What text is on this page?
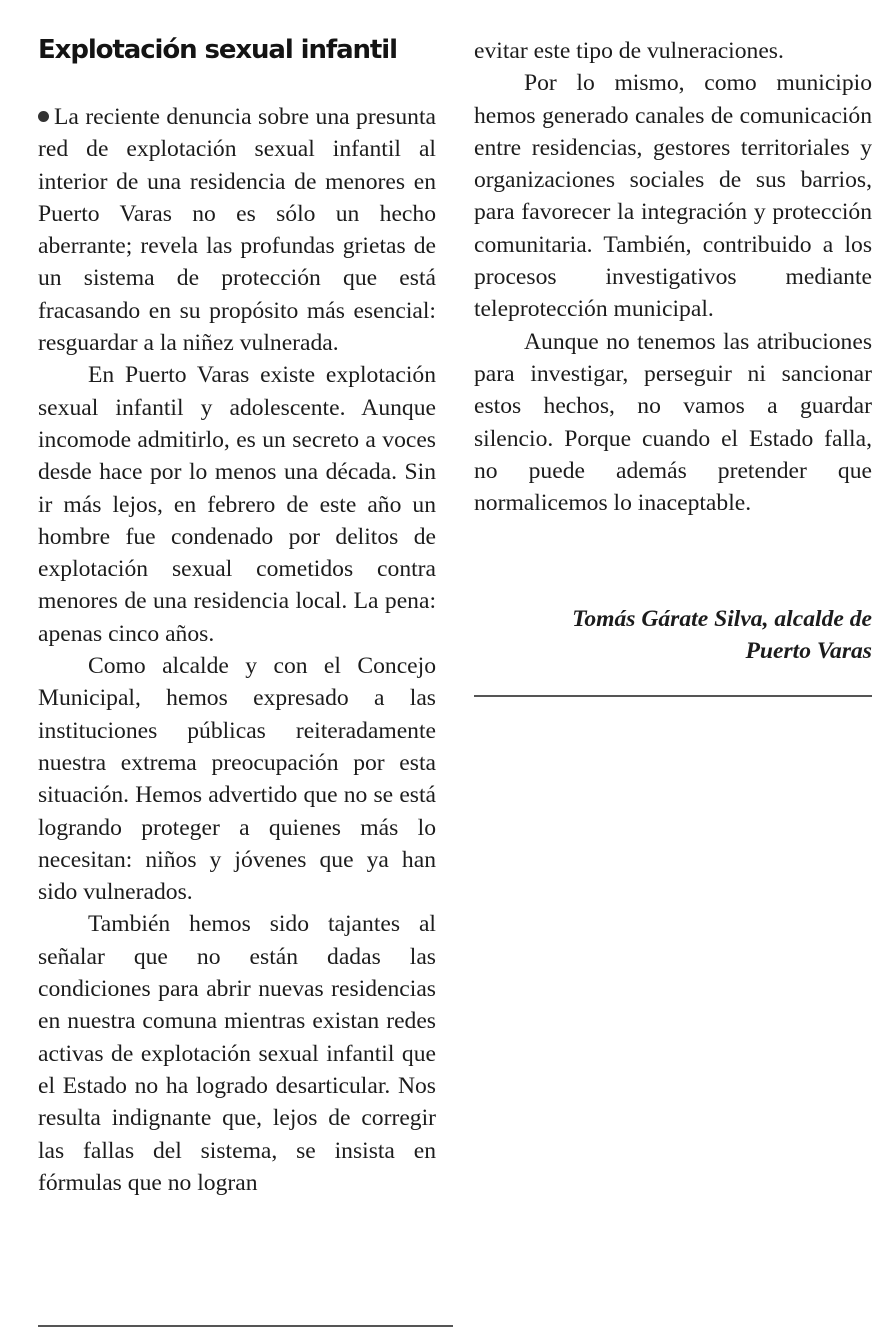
Explotación sexual infantil

La reciente denuncia sobre una presunta red de explotación sexual infantil al interior de una residencia de menores en Puerto Varas no es sólo un hecho aberrante; revela las profundas grietas de un sistema de protección que está fracasando en su propósito más esencial: resguardar a la niñez vulnerada.

En Puerto Varas existe explotación sexual infantil y adolescente. Aunque incomode admitirlo, es un secreto a voces desde hace por lo menos una década. Sin ir más lejos, en febrero de este año un hombre fue condenado por delitos de explotación sexual cometidos contra menores de una residencia local. La pena: apenas cinco años.

Como alcalde y con el Concejo Municipal, hemos expresado a las instituciones públicas reiteradamente nuestra extrema preocupación por esta situación. Hemos advertido que no se está logrando proteger a quienes más lo necesitan: niños y jóvenes que ya han sido vulnerados.

También hemos sido tajantes al señalar que no están dadas las condiciones para abrir nuevas residencias en nuestra comuna mientras existan redes activas de explotación sexual infantil que el Estado no ha logrado desarticular. Nos resulta indignante que, lejos de corregir las fallas del sistema, se insista en fórmulas que no logran

evitar este tipo de vulneraciones.

Por lo mismo, como municipio hemos generado canales de comunicación entre residencias, gestores territoriales y organizaciones sociales de sus barrios, para favorecer la integración y protección comunitaria. También, contribuido a los procesos investigativos mediante teleprotección municipal.

Aunque no tenemos las atribuciones para investigar, perseguir ni sancionar estos hechos, no vamos a guardar silencio. Porque cuando el Estado falla, no puede además pretender que normalicemos lo inaceptable.

Tomás Gárate Silva, alcalde de
Puerto Varas
